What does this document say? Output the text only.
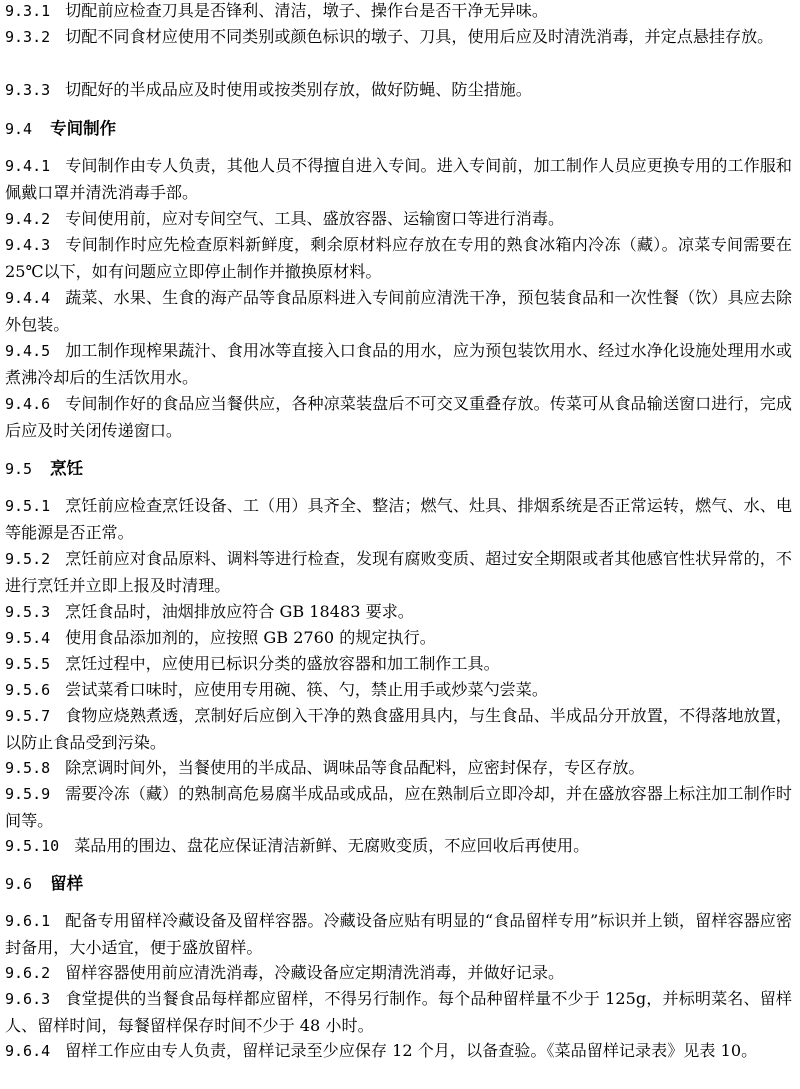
9.3.1 切配前应检查刀具是否锋利、清洁，墩子、操作台是否干净无异味。
9.3.2 切配不同食材应使用不同类别或颜色标识的墩子、刀具，使用后应及时清洗消毒，并定点悬挂存放。
9.3.3 切配好的半成品应及时使用或按类别存放，做好防蝇、防尘措施。
9.4 专间制作
9.4.1 专间制作由专人负责，其他人员不得擅自进入专间。进入专间前，加工制作人员应更换专用的工作服和佩戴口罩并清洗消毒手部。
9.4.2 专间使用前，应对专间空气、工具、盛放容器、运输窗口等进行消毒。
9.4.3 专间制作时应先检查原料新鲜度，剩余原材料应存放在专用的熟食冰箱内冷冻（藏）。凉菜专间需要在25℃以下，如有问题应立即停止制作并撤换原材料。
9.4.4 蔬菜、水果、生食的海产品等食品原料进入专间前应清洗干净，预包装食品和一次性餐（饮）具应去除外包装。
9.4.5 加工制作现榨果蔬汁、食用冰等直接入口食品的用水，应为预包装饮用水、经过水净化设施处理用水或煮沸冷却后的生活饮用水。
9.4.6 专间制作好的食品应当餐供应，各种凉菜装盘后不可交叉重叠存放。传菜可从食品输送窗口进行，完成后应及时关闭传递窗口。
9.5 烹饪
9.5.1 烹饪前应检查烹饪设备、工（用）具齐全、整洁；燃气、灶具、排烟系统是否正常运转，燃气、水、电等能源是否正常。
9.5.2 烹饪前应对食品原料、调料等进行检查，发现有腐败变质、超过安全期限或者其他感官性状异常的，不进行烹饪并立即上报及时清理。
9.5.3 烹饪食品时，油烟排放应符合 GB 18483 要求。
9.5.4 使用食品添加剂的，应按照 GB 2760 的规定执行。
9.5.5 烹饪过程中，应使用已标识分类的盛放容器和加工制作工具。
9.5.6 尝试菜肴口味时，应使用专用碗、筷、勺，禁止用手或炒菜勺尝菜。
9.5.7 食物应烧熟煮透，烹制好后应倒入干净的熟食盛用具内，与生食品、半成品分开放置，不得落地放置，以防止食品受到污染。
9.5.8 除烹调时间外，当餐使用的半成品、调味品等食品配料，应密封保存，专区存放。
9.5.9 需要冷冻（藏）的熟制高危易腐半成品或成品，应在熟制后立即冷却，并在盛放容器上标注加工制作时间等。
9.5.10 菜品用的围边、盘花应保证清洁新鲜、无腐败变质，不应回收后再使用。
9.6 留样
9.6.1 配备专用留样冷藏设备及留样容器。冷藏设备应贴有明显的“食品留样专用”标识并上锁，留样容器应密封备用，大小适宜，便于盛放留样。
9.6.2 留样容器使用前应清洗消毒，冷藏设备应定期清洗消毒，并做好记录。
9.6.3 食堂提供的当餐食品每样都应留样，不得另行制作。每个品种留样量不少于 125g，并标明菜名、留样人、留样时间，每餐留样保存时间不少于 48 小时。
9.6.4 留样工作应由专人负责，留样记录至少应保存 12 个月，以备查验。《菜品留样记录表》见表 10。
